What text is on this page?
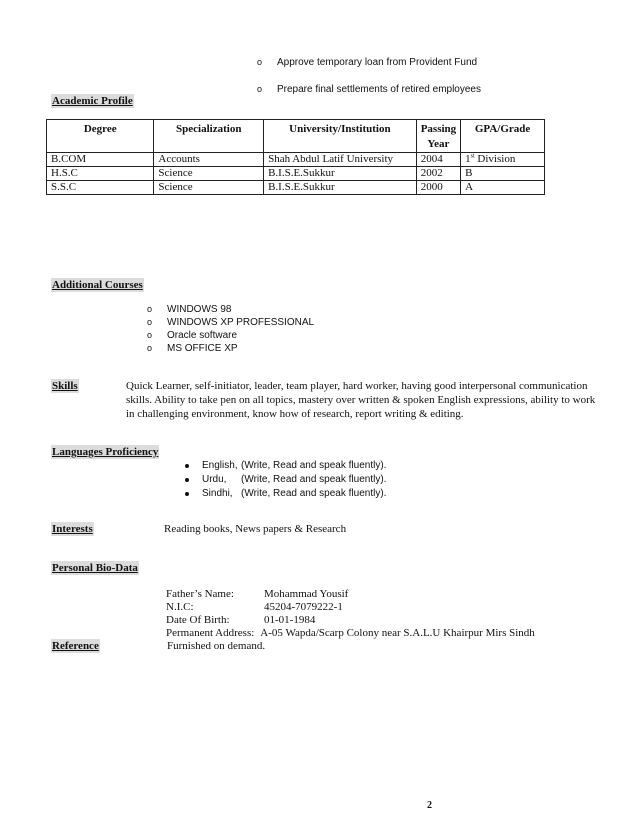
o Approve temporary loan from Provident Fund
o Prepare final settlements of retired employees
Academic Profile
Degree	Specialization	University/Institution	Passing Year	GPA/Grade
B.COM	Accounts	Shah Abdul Latif University	2004	1st Division
H.S.C	Science	B.I.S.E.Sukkur	2002	B
S.S.C	Science	B.I.S.E.Sukkur	2000	A
Additional Courses
o WINDOWS 98
o WINDOWS XP PROFESSIONAL
o Oracle software
o MS OFFICE XP
Skills	Quick Learner, self-initiator, leader, team player, hard worker, having good interpersonal communication skills. Ability to take pen on all topics, mastery over written & spoken English expressions, ability to work in challenging environment, know how of research, report writing & editing.
Languages Proficiency
English, (Write, Read and speak fluently).
Urdu, (Write, Read and speak fluently).
Sindhi, (Write, Read and speak fluently).
Interests	Reading books, News papers & Research
Personal Bio-Data
Father’s Name:	Mohammad Yousif
N.I.C:	45204-7079222-1
Date Of Birth:	01-01-1984
Permanent Address: A-05 Wapda/Scarp Colony near S.A.L.U Khairpur Mirs Sindh
Reference	Furnished on demand.
2
